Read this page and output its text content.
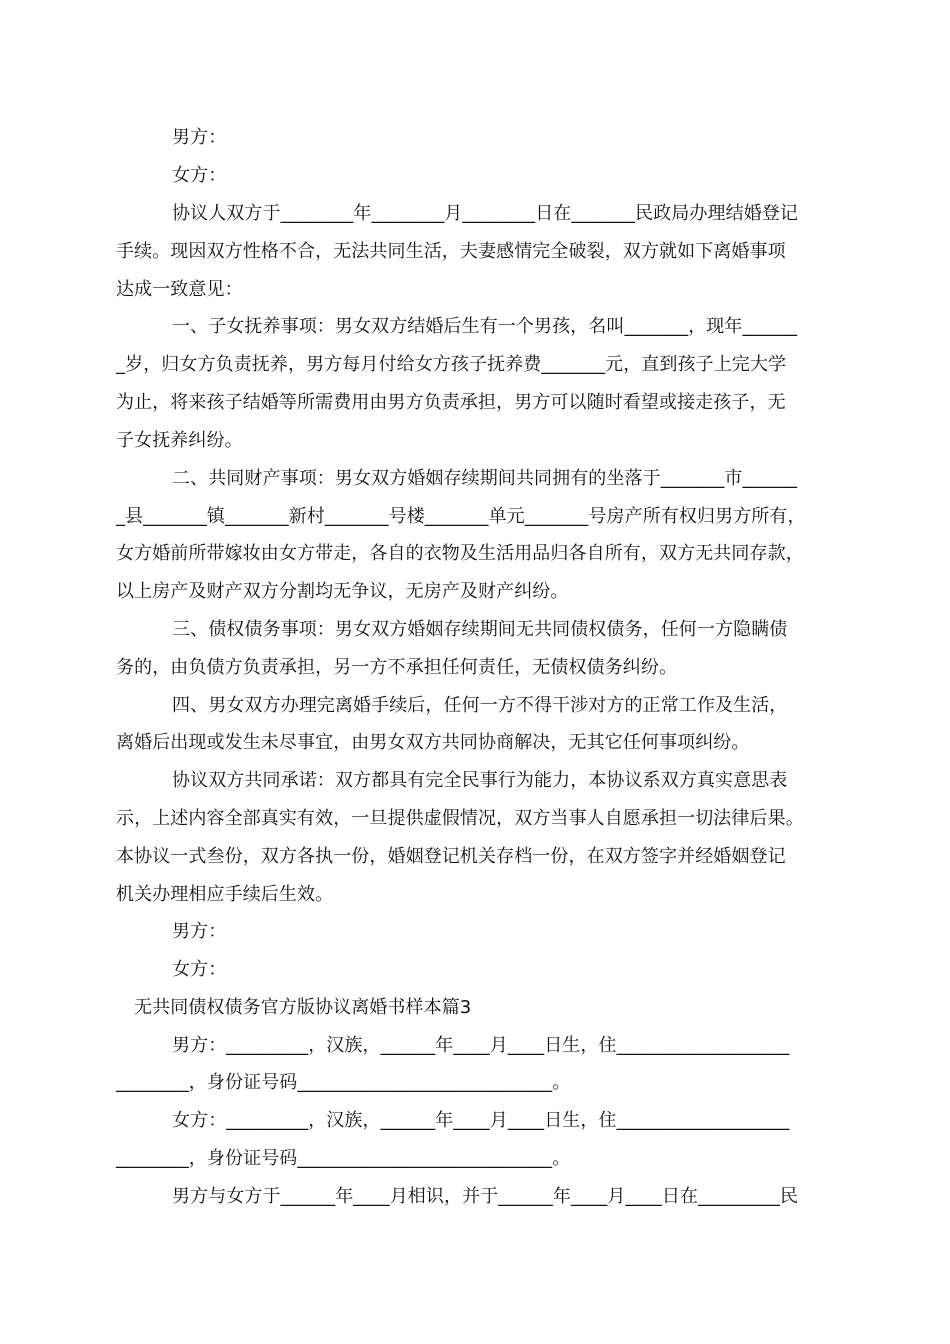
男方：
女方：
协议人双方于________年________月________日在_______民政局办理结婚登记
手续。现因双方性格不合，无法共同生活，夫妻感情完全破裂，双方就如下离婚事项
达成一致意见：
一、子女抚养事项：男女双方结婚后生有一个男孩，名叫_______，现年______
_岁，归女方负责抚养，男方每月付给女方孩子抚养费_______元，直到孩子上完大学
为止，将来孩子结婚等所需费用由男方负责承担，男方可以随时看望或接走孩子，无
子女抚养纠纷。
二、共同财产事项：男女双方婚姻存续期间共同拥有的坐落于_______市______
_县_______镇_______新村_______号楼_______单元_______号房产所有权归男方所有，
女方婚前所带嫁妆由女方带走，各自的衣物及生活用品归各自所有，双方无共同存款，
以上房产及财产双方分割均无争议，无房产及财产纠纷。
三、债权债务事项：男女双方婚姻存续期间无共同债权债务，任何一方隐瞒债
务的，由负债方负责承担，另一方不承担任何责任，无债权债务纠纷。
四、男女双方办理完离婚手续后，任何一方不得干涉对方的正常工作及生活，
离婚后出现或发生未尽事宜，由男女双方共同协商解决，无其它任何事项纠纷。
协议双方共同承诺：双方都具有完全民事行为能力，本协议系双方真实意思表
示，上述内容全部真实有效，一旦提供虚假情况，双方当事人自愿承担一切法律后果。
本协议一式叁份，双方各执一份，婚姻登记机关存档一份，在双方签字并经婚姻登记
机关办理相应手续后生效。
男方：
女方：
无共同债权债务官方版协议离婚书样本篇3
男方：_________，汉族，______年____月____日生，住___________________
________，身份证号码____________________________。
女方：_________，汉族，______年____月____日生，住___________________
________，身份证号码____________________________。
男方与女方于______年____月相识，并于______年____月____日在_________民
